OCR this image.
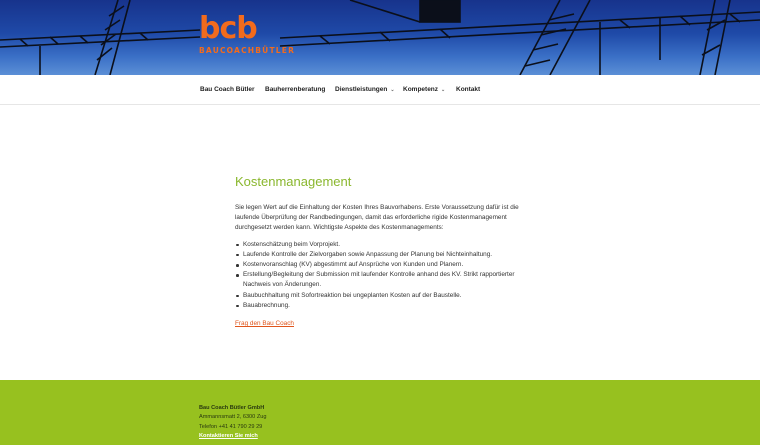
bcb
BAUCOACHBÜTLER
Bau Coach Bütler Bauherrenberatung Dienstleistungen ⌄ Kompetenz ⌄ Kontakt
Kostenmanagement

Sie legen Wert auf die Einhaltung der Kosten Ihres Bauvorhabens. Erste Voraussetzung dafür ist die laufende Überprüfung der Randbedingungen, damit das erforderliche rigide Kostenmanagement durchgesetzt werden kann. Wichtigste Aspekte des Kostenmanagements:

Kostenschätzung beim Vorprojekt.
Laufende Kontrolle der Zielvorgaben sowie Anpassung der Planung bei Nichteinhaltung.
Kostenvoranschlag (KV) abgestimmt auf Ansprüche von Kunden und Planern.
Erstellung/Begleitung der Submission mit laufender Kontrolle anhand des KV. Strikt rapportierter Nachweis von Änderungen.
Baubuchhaltung mit Sofortreaktion bei ungeplanten Kosten auf der Baustelle.
Bauabrechnung.
Frag den Bau Coach
Bau Coach Bütler GmbH
Ammannsmatt 2, 6300 Zug
Telefon +41 41 790 29 29
Kontaktieren Sie mich
